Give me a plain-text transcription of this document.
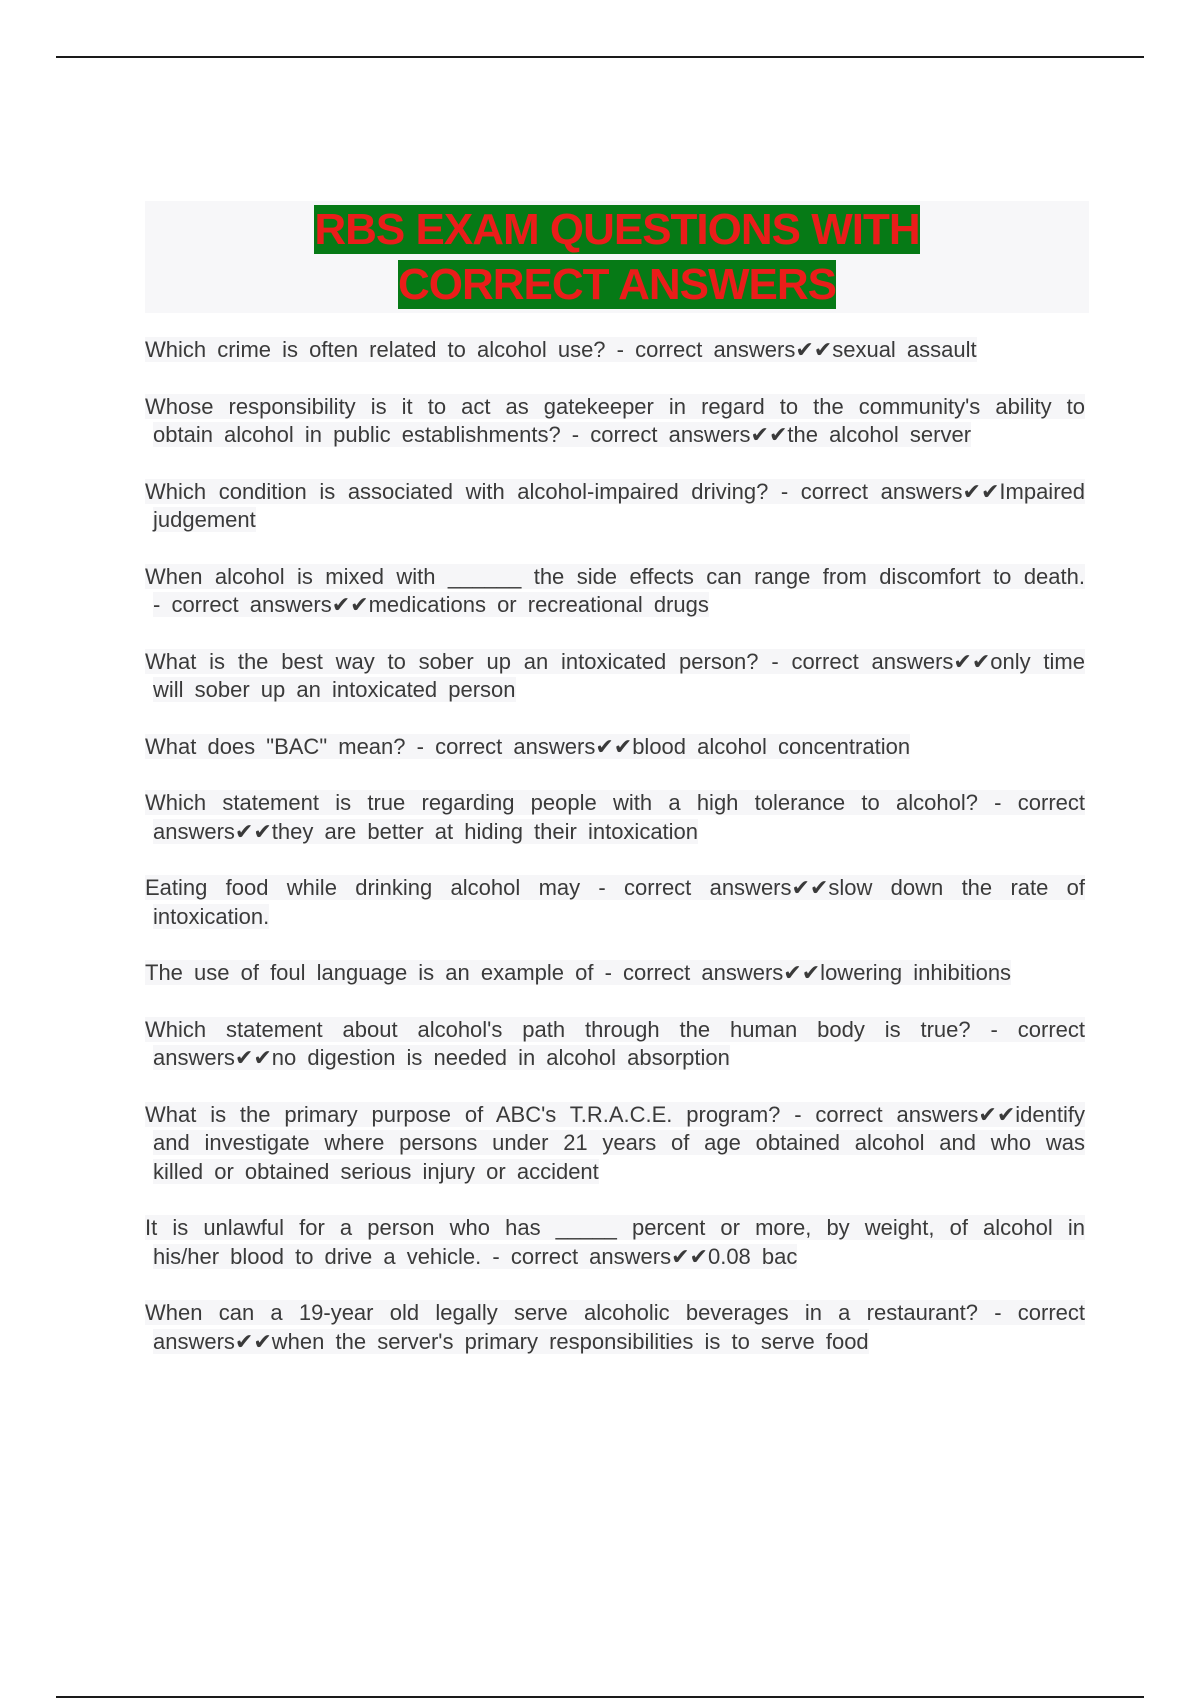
RBS EXAM QUESTIONS WITH CORRECT ANSWERS

Which crime is often related to alcohol use? - correct answers✔✔sexual assault

Whose responsibility is it to act as gatekeeper in regard to the community's ability to obtain alcohol in public establishments? - correct answers✔✔the alcohol server

Which condition is associated with alcohol-impaired driving? - correct answers✔✔Impaired judgement

When alcohol is mixed with ______ the side effects can range from discomfort to death. - correct answers✔✔medications or recreational drugs

What is the best way to sober up an intoxicated person? - correct answers✔✔only time will sober up an intoxicated person

What does "BAC" mean? - correct answers✔✔blood alcohol concentration

Which statement is true regarding people with a high tolerance to alcohol? - correct answers✔✔they are better at hiding their intoxication

Eating food while drinking alcohol may - correct answers✔✔slow down the rate of intoxication.

The use of foul language is an example of - correct answers✔✔lowering inhibitions

Which statement about alcohol's path through the human body is true? - correct answers✔✔no digestion is needed in alcohol absorption

What is the primary purpose of ABC's T.R.A.C.E. program? - correct answers✔✔identify and investigate where persons under 21 years of age obtained alcohol and who was killed or obtained serious injury or accident

It is unlawful for a person who has _____ percent or more, by weight, of alcohol in his/her blood to drive a vehicle. - correct answers✔✔0.08 bac

When can a 19-year old legally serve alcoholic beverages in a restaurant? - correct answers✔✔when the server's primary responsibilities is to serve food
